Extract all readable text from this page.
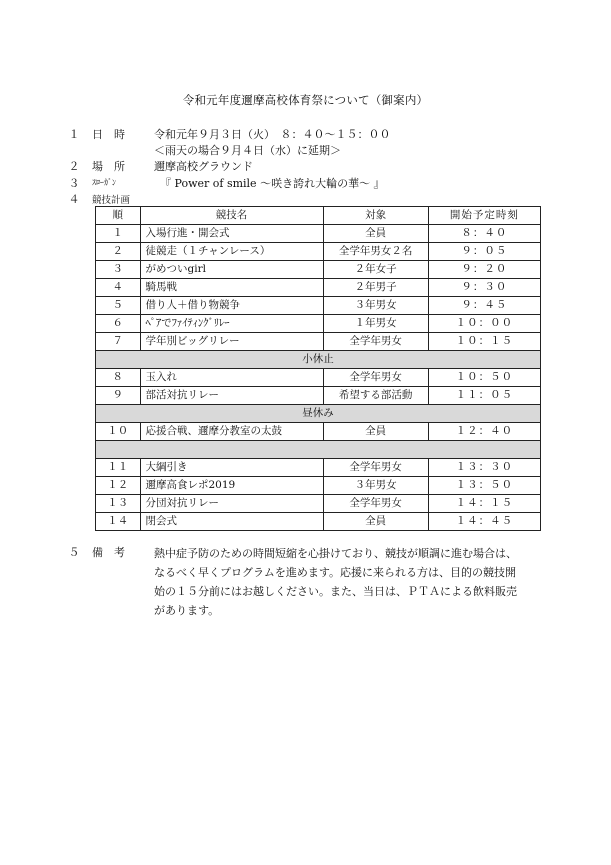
令和元年度邇摩高校体育祭について（御案内）
１ 日　時	令和元年９月３日（火）　８：４０〜１５：００
＜雨天の場合９月４日（水）に延期＞
２ 場　所	邇摩高校グラウンド
３ ｽﾛｰｶﾞﾝ	『 Power of smile 〜咲き誇れ大輪の華〜 』
４ 競技計画
順	競技名	対象	開始予定時刻
１	入場行進・開会式	全員	８：４０
２	徒競走（１チャンレース）	全学年男女２名	９：０５
３	がめついgirl	２年女子	９：２０
４	騎馬戦	２年男子	９：３０
５	借り人＋借り物競争	３年男女	９：４５
６	ﾍﾟｱでﾌｧｲﾃｨﾝｸﾞﾘﾚｰ	１年男女	１０：００
７	学年別ビッグリレー	全学年男女	１０：１５
小休止			
８	玉入れ	全学年男女	１０：５０
９	部活対抗リレー	希望する部活動	１１：０５
昼休み			
１０	応援合戦、邇摩分教室の太鼓	全員	１２：４０

１１	大綱引き	全学年男女	１３：３０
１２	邇摩高食レポ2019	３年男女	１３：５０
１３	分団対抗リレー	全学年男女	１４：１５
１４	閉会式	全員	１４：４５
５ 備　考	熱中症予防のための時間短縮を心掛けており、競技が順調に進む場合は、
なるべく早くプログラムを進めます。応援に来られる方は、目的の競技開
始の１５分前にはお越しください。また、当日は、ＰＴＡによる飲料販売
があります。
